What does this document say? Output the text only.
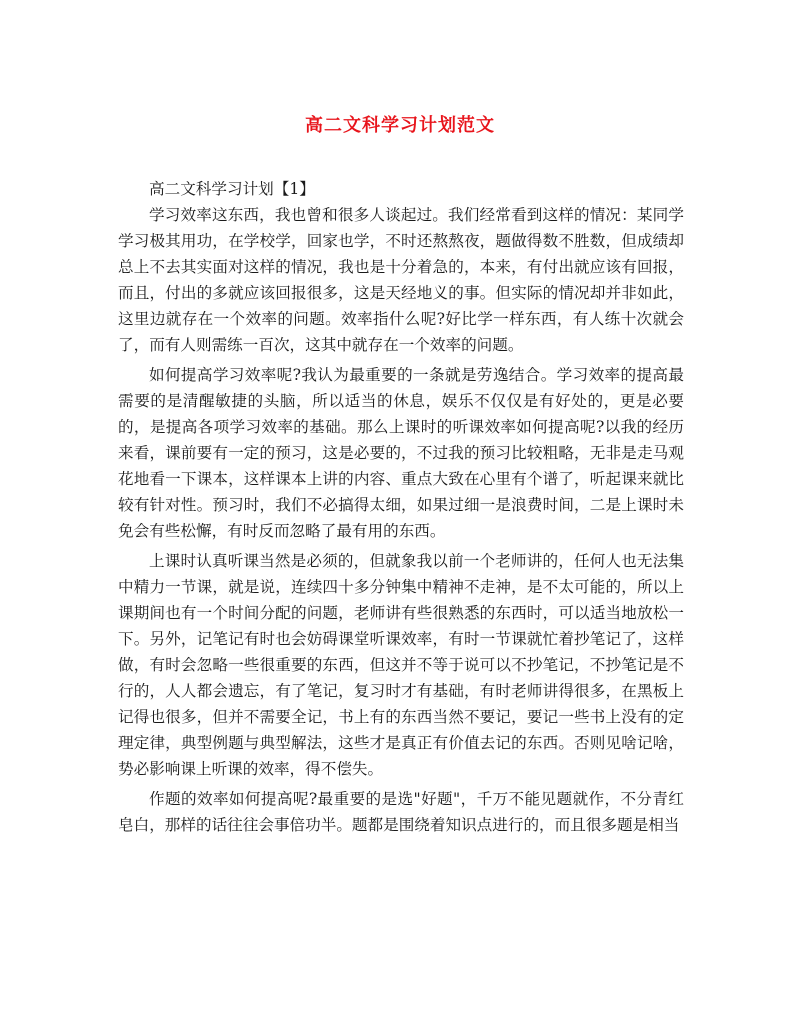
高二文科学习计划范文

高二文科学习计划【1】

学习效率这东西，我也曾和很多人谈起过。我们经常看到这样的情况：某同学学习极其用功，在学校学，回家也学，不时还熬熬夜，题做得数不胜数，但成绩却总上不去其实面对这样的情况，我也是十分着急的，本来，有付出就应该有回报，而且，付出的多就应该回报很多，这是天经地义的事。但实际的情况却并非如此，这里边就存在一个效率的问题。效率指什么呢?好比学一样东西，有人练十次就会了，而有人则需练一百次，这其中就存在一个效率的问题。

如何提高学习效率呢?我认为最重要的一条就是劳逸结合。学习效率的提高最需要的是清醒敏捷的头脑，所以适当的休息，娱乐不仅仅是有好处的，更是必要的，是提高各项学习效率的基础。那么上课时的听课效率如何提高呢?以我的经历来看，课前要有一定的预习，这是必要的，不过我的预习比较粗略，无非是走马观花地看一下课本，这样课本上讲的内容、重点大致在心里有个谱了，听起课来就比较有针对性。预习时，我们不必搞得太细，如果过细一是浪费时间，二是上课时未免会有些松懈，有时反而忽略了最有用的东西。

上课时认真听课当然是必须的，但就象我以前一个老师讲的，任何人也无法集中精力一节课，就是说，连续四十多分钟集中精神不走神，是不太可能的，所以上课期间也有一个时间分配的问题，老师讲有些很熟悉的东西时，可以适当地放松一下。另外，记笔记有时也会妨碍课堂听课效率，有时一节课就忙着抄笔记了，这样做，有时会忽略一些很重要的东西，但这并不等于说可以不抄笔记，不抄笔记是不行的，人人都会遗忘，有了笔记，复习时才有基础，有时老师讲得很多，在黑板上记得也很多，但并不需要全记，书上有的东西当然不要记，要记一些书上没有的定理定律，典型例题与典型解法，这些才是真正有价值去记的东西。否则见啥记啥，势必影响课上听课的效率，得不偿失。

作题的效率如何提高呢?最重要的是选"好题"，千万不能见题就作，不分青红皂白，那样的话往往会事倍功半。题都是围绕着知识点进行的，而且很多题是相当
